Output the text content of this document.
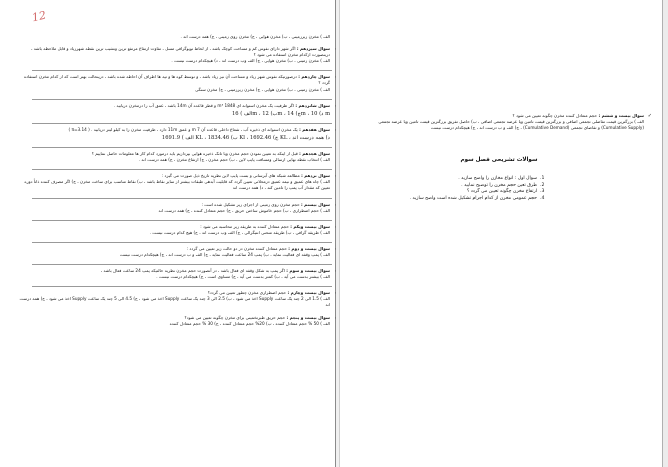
12
الف ) مخزن زیرزمینی ، ب) مخزن هوایی ، ج) مخزن روی زمینی ، ج) همه درست اند .
سوال سیزدهم : اگر شهر دارای نفوس کم و مساحت کوچک باشد ، از لحاظ توپوگرافی مسل ، تفاوت ارتفاع مرتفع ترین ونشیب ترین نقطه شهرزیاد و قابل ملاحظه باشد ، درینصورت ازکدام مخزن استفاده می شود ؟
الف ) مخزن زمینی ، ب) مخزن هوایی ، ج) الف وب درست اند ، د) هیچکدام درست نیست .
سوال چاردهم : درصورتیکه نفوس شهر زیاد و مساحت آن نیز زیاد باشد ، و توسط کوه ها و تپه ها اطراف آن احاطه شده باشد ، درینحالت بهتر است که از کدام مخزن استفاده گردد ؟
الف ) مخزن زمینی ، ب) مخزن هوایی ، ج) مخزن زیرزمینی ، ج) مخزن سنگی
سوال شانزدهم : اگر ظرفیت یک مخزن استوانه ای 1848 m³ و قطر قاعده آن 14m باشد ، عمق آب را درمخزن دریابید .
الف ) 16m ، ب) 12m ، ج) 14m ، د) 10 m
سوال هفدهم : یک مخزن استوانه ای ذخیره آب ، شعاع داخلی قاعده آن 7 m و عمق 11m دارد ، ظرفیت مخزن را به کیلو لیتر دریابید . ( π=3.14 )
الف ) 1691.9 KL ، ب) 1834.46 Kl ، ج) 1692.46 KL ، د) همه درست اند
سوال هجدهم : قبل از اینکه به تعیین نمودن حجم مخزن ویا تانک ذخیره هوایی بپردازیم باید درمورد کدام کار ها معلومات حاصل نماییم ؟
الف ) انتخاب نقطه نهایی ارسالی ومسافت پایپ لاین ، ب) حجم مخزن ، ج) ارتفاع مخزن ، ج) همه درست اند .
سوال نزدهم : مطالعه شبکه های آبرسانی و بست پایپ لاین نظریه تاریخ ذیل صورت می گیرد :
الف ) چاه های عمیق و نیمه عمیق درمحلاتی تعیین گردد که قابلیت آبدهی طبقات بیشتر از سایر نقاط باشد ، ب) نقاط مناسب برای ساخت مخزن ، ج) اگر مصرف کننده ذاتاً دوره تعیین که مقدار آب پمپ را تامین کند ، د) همه درست اند
سوال بیستم : حجم مخزن روی زمینی از اجزای زیر تشکیل شده است :
الف ) حجم اضطراری ، ب) حجم خاموش ساختن حریق ، ج) حجم متعادل کننده ، ج) همه درست اند
سوال بیست ویکم : حجم متعادل کننده به طریقه زیر محاسبه می شود :
الف ) طریقه گرافی ، ب) طریقه منحنی انتیگرالی ، ج) الف وب درست اند ، ج) هیچ کدام درست نیست .
سوال بیست و دوم : حجم متعادل کننده مخزن در دو حالت زیر تعیین می گردد :
الف ) پمپ وقفه ای فعالیت نماید ، ب) پمپ 24 ساعت فعالیت نماید ، ج) الف و ب درست اند ، ج) هیچکدام درست نیست
سوال بیست و سوم : اگر پمپ به شکل وقفه ای فعال باشد ، در آنصورت حجم مخزن نظریه حالتیکه پمپ 24 ساعت فعال باشد ،
الف ) بیشتر بدست می آید ، ب) کمتر بدست می آید ، ج) مساوی است ، ج) هیچکدام درست نیست .
سوال بیست وچارم : حجم اضطراری مخزن چطور تعیین می گردد؟
الف ) 1.5 الی 2 چند یک ساعت Supply اخذ می شود ، ب) 2.5 الی 3 چند یک ساعت Supply اخذ می شود ، ج) 4.5 الی 5 چند یک ساعت Supply اخذ می شود ، ج) همه درست اند
سوال بیست و پنجم : حجم حریق طبرتخمینی برای مخزن چگونه تعیین می شود؟
الف ) 50 % حجم متعادل کننده ، ب) 20% حجم متعادل کننده ، ج) 30 % حجم متعادل کننده
✓
سوال بیست و ششم : حجم متعادل کننده مخزن چگونه تعیین می شود ؟
الف ) بزرگترین قیمت تفاضلی تجمعی اضافی و بزرگترین قیمت تامین ویا عرضه تجمعی اضافی ، ب) حاصل تفریق بزرگترین قیمت تامین ویا عرضه تجمعی (Cumulative Supply) و تقاضای تجمعی (Cumulative Demand) ، ج) الف و ب درست اند ، ج) هیچکدام درست نیست
سوالات تشریحی فصل سوم
1.سوال اول : انواع مخازن را واضح سازید .
2.طرق تعین حجم مخزن را توضیح نمایید .
3.ارتفاع مخزن چگونه تعیین می گردد ؟
4.حجم عمومی مخزن از کدام اجزام تشکیل شده است واضح سازید .
